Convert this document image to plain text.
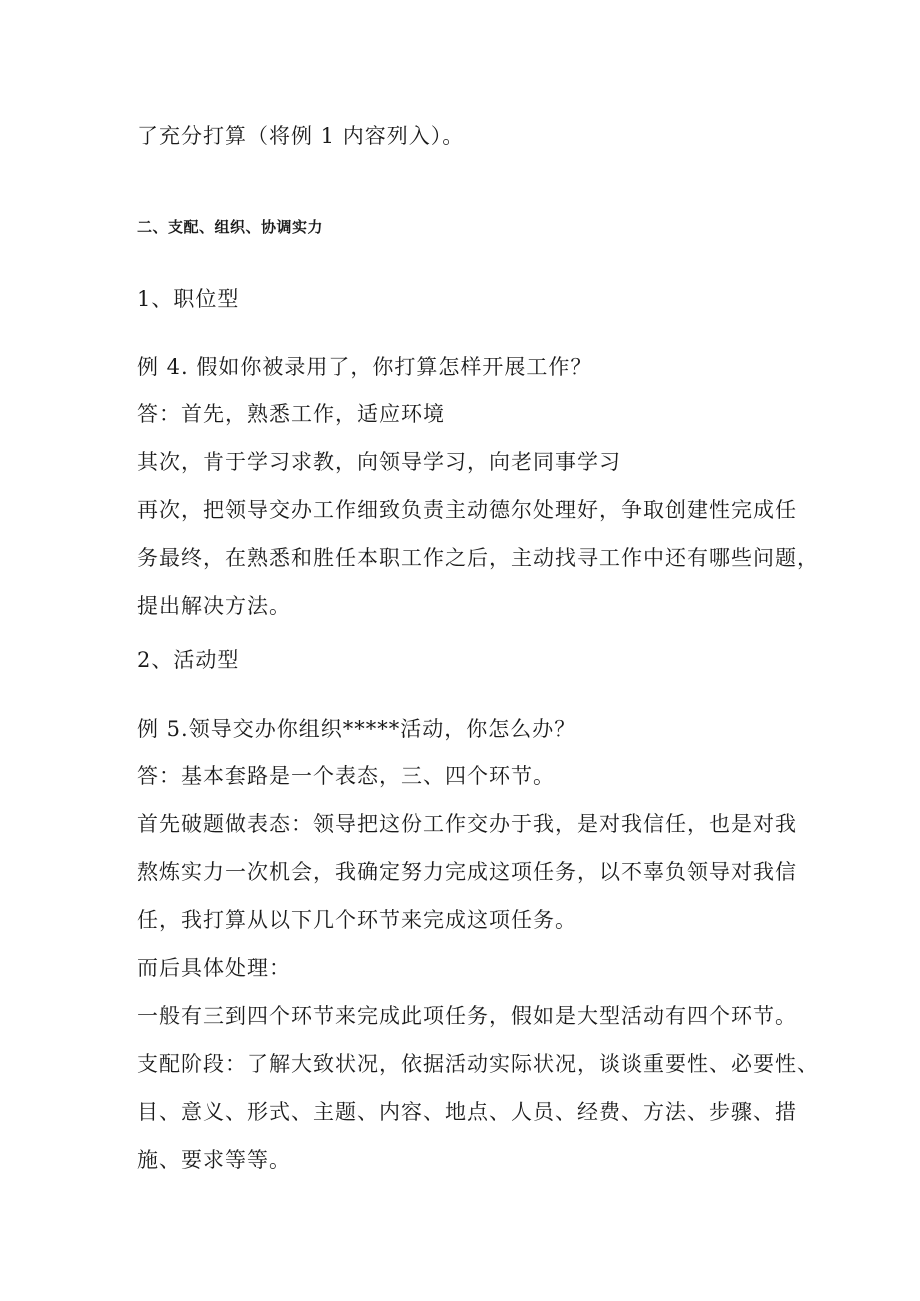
了充分打算（将例 1 内容列入）。
二、支配、组织、协调实力
1、职位型
例 4. 假如你被录用了，你打算怎样开展工作？
答：首先，熟悉工作，适应环境
其次，肯于学习求教，向领导学习，向老同事学习
再次，把领导交办工作细致负责主动德尔处理好，争取创建性完成任
务最终，在熟悉和胜任本职工作之后，主动找寻工作中还有哪些问题，
提出解决方法。
2、活动型
例 5.领导交办你组织*****活动，你怎么办？
答：基本套路是一个表态，三、四个环节。
首先破题做表态：领导把这份工作交办于我，是对我信任，也是对我
熬炼实力一次机会，我确定努力完成这项任务，以不辜负领导对我信
任，我打算从以下几个环节来完成这项任务。
而后具体处理：
一般有三到四个环节来完成此项任务，假如是大型活动有四个环节。
支配阶段：了解大致状况，依据活动实际状况，谈谈重要性、必要性、
目、意义、形式、主题、内容、地点、人员、经费、方法、步骤、措
施、要求等等。
